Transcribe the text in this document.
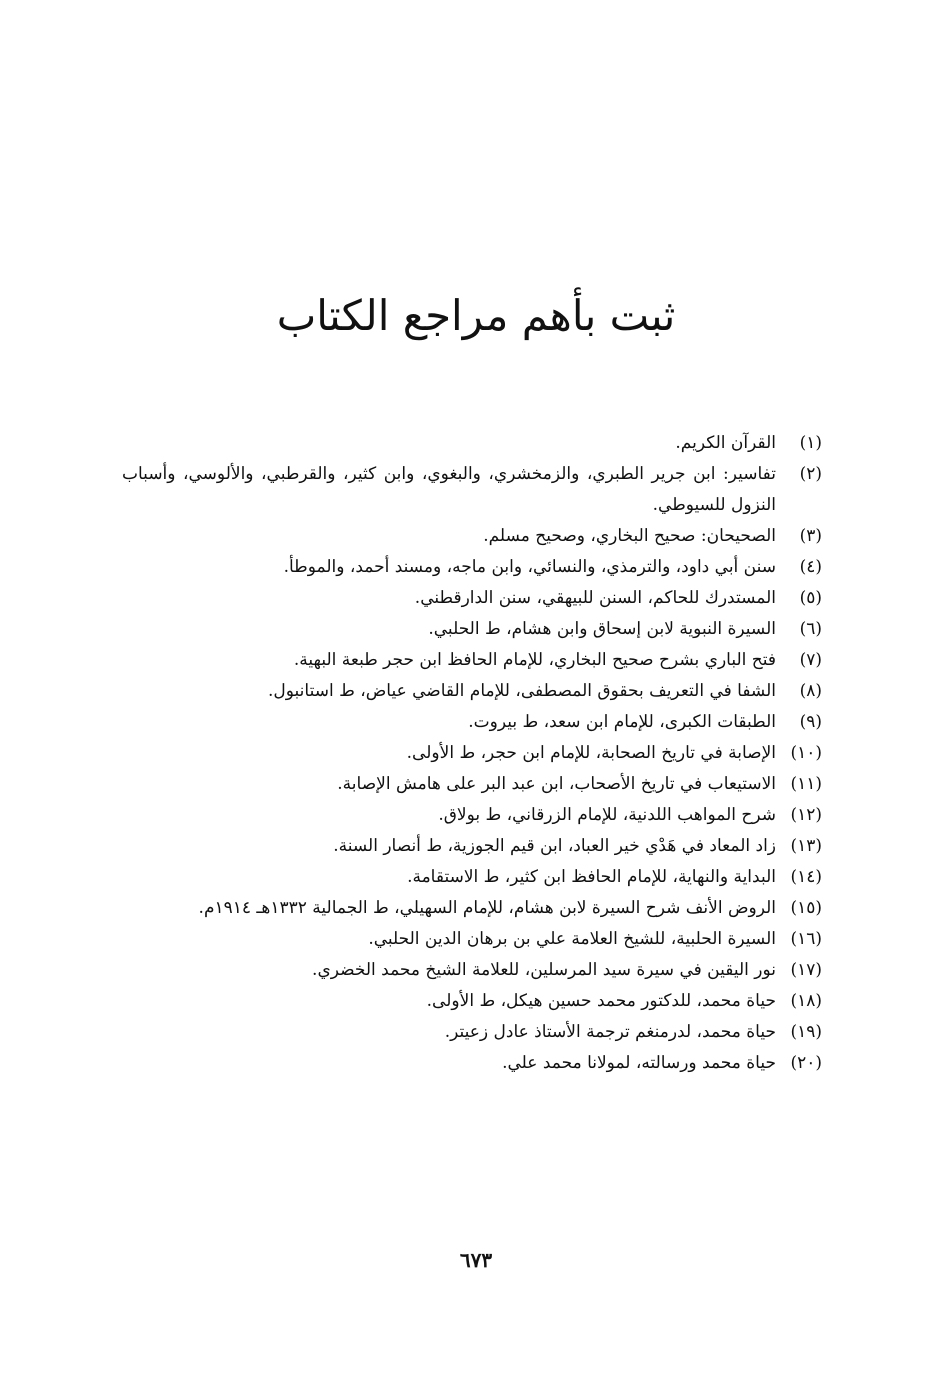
ثبت بأهم مراجع الكتاب
(١)
القرآن الكريم.
(٢)
تفاسير: ابن جرير الطبري، والزمخشري، والبغوي، وابن كثير، والقرطبي، والألوسي، وأسباب النزول للسيوطي.
(٣)
الصحيحان: صحيح البخاري، وصحيح مسلم.
(٤)
سنن أبي داود، والترمذي، والنسائي، وابن ماجه، ومسند أحمد، والموطأ.
(٥)
المستدرك للحاكم، السنن للبيهقي، سنن الدارقطني.
(٦)
السيرة النبوية لابن إسحاق وابن هشام، ط الحلبي.
(٧)
فتح الباري بشرح صحيح البخاري، للإمام الحافظ ابن حجر طبعة البهية.
(٨)
الشفا في التعريف بحقوق المصطفى، للإمام القاضي عياض، ط استانبول.
(٩)
الطبقات الكبرى، للإمام ابن سعد، ط بيروت.
(١٠)
الإصابة في تاريخ الصحابة، للإمام ابن حجر، ط الأولى.
(١١)
الاستيعاب في تاريخ الأصحاب، ابن عبد البر على هامش الإصابة.
(١٢)
شرح المواهب اللدنية، للإمام الزرقاني، ط بولاق.
(١٣)
زاد المعاد في هَدْي خير العباد، ابن قيم الجوزية، ط أنصار السنة.
(١٤)
البداية والنهاية، للإمام الحافظ ابن كثير، ط الاستقامة.
(١٥)
الروض الأنف شرح السيرة لابن هشام، للإمام السهيلي، ط الجمالية ١٣٣٢هـ ١٩١٤م.
(١٦)
السيرة الحلبية، للشيخ العلامة علي بن برهان الدين الحلبي.
(١٧)
نور اليقين في سيرة سيد المرسلين، للعلامة الشيخ محمد الخضري.
(١٨)
حياة محمد، للدكتور محمد حسين هيكل، ط الأولى.
(١٩)
حياة محمد، لدرمنغم ترجمة الأستاذ عادل زعيتر.
(٢٠)
حياة محمد ورسالته، لمولانا محمد علي.
٦٧٣
